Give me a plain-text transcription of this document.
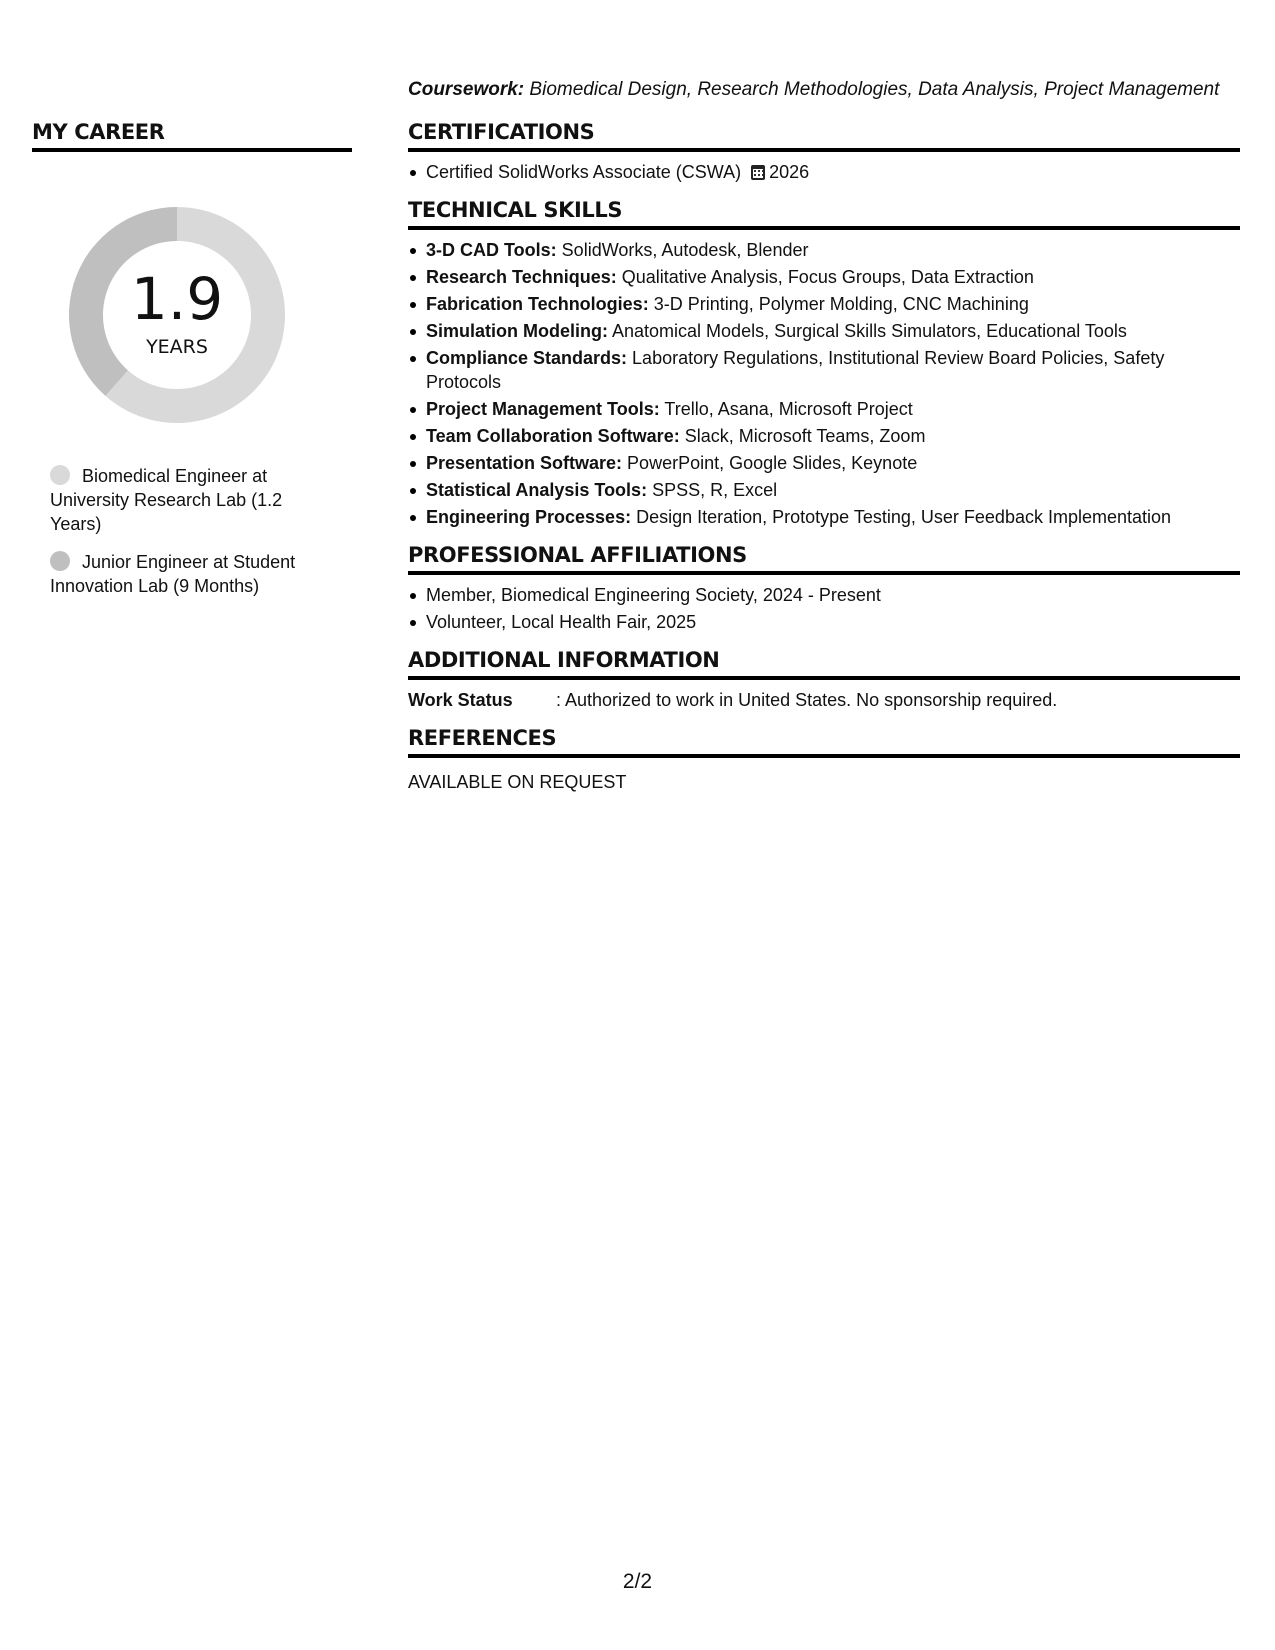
MY CAREER
1.9
YEARS
Biomedical Engineer at University Research Lab (1.2 Years)
Junior Engineer at Student Innovation Lab (9 Months)

Coursework: Biomedical Design, Research Methodologies, Data Analysis, Project Management

CERTIFICATIONS
Certified SolidWorks Associate (CSWA) 2026
TECHNICAL SKILLS
3-D CAD Tools: SolidWorks, Autodesk, Blender
Research Techniques: Qualitative Analysis, Focus Groups, Data Extraction
Fabrication Technologies: 3-D Printing, Polymer Molding, CNC Machining
Simulation Modeling: Anatomical Models, Surgical Skills Simulators, Educational Tools
Compliance Standards: Laboratory Regulations, Institutional Review Board Policies, Safety Protocols
Project Management Tools: Trello, Asana, Microsoft Project
Team Collaboration Software: Slack, Microsoft Teams, Zoom
Presentation Software: PowerPoint, Google Slides, Keynote
Statistical Analysis Tools: SPSS, R, Excel
Engineering Processes: Design Iteration, Prototype Testing, User Feedback Implementation
PROFESSIONAL AFFILIATIONS
Member, Biomedical Engineering Society, 2024 - Present
Volunteer, Local Health Fair, 2025
ADDITIONAL INFORMATION
Work Status : Authorized to work in United States. No sponsorship required.
REFERENCES
AVAILABLE ON REQUEST
2/2
